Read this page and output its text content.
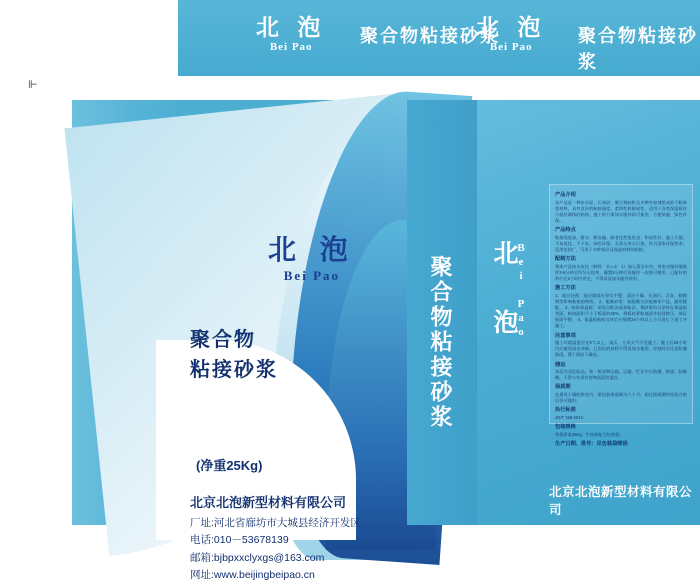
北 泡
Bei Pao
聚合物粘接砂浆
北 泡
Bei Pao
聚合物粘接砂浆
⊩
北 泡
Bei Pao
聚合物
粘接砂浆
(净重25Kg)
北京北泡新型材料有限公司
厂址:河北省廊坊市大城县经济开发区
电话:010－53678139
邮箱:bjbpxxclyxgs@163.com
网址:www.beijingbeipao.cn
聚合物粘接砂浆 北 泡
Bei Pao
产品介绍
本产品是一种由水泥、石英砂、聚合物胶粉及多种外加剂组成的干粉砂浆材料，具有良好的粘接强度、柔韧性和耐候性，适用于各类保温板材与基层墙体的粘接。施工时只需加水搅拌即可使用，方便快捷，绿色环保。
产品特点
粘接强度高，耐水、耐冻融、耐老化性能优良；和易性好，施工方便，不易流挂、不下坠；绿色环保，无毒无害无污染，符合国家环保要求；适用范围广，可用于多种基层及保温材料的粘接。
配制方法
将本产品按水灰比（粉料：水＝4：1）加入清洁水中，用电动搅拌器搅拌3-5分钟至均匀无结块，静置5分钟后再搅拌一次即可使用。已配好的料应在2小时内用完，不得再次加水搅拌使用。
施工方法
1、基层处理：基层墙面应坚实平整、清洁干燥，无油污、浮灰、脱模剂等影响粘接的物质。 2、配制砂浆：按配制方法配制本产品，随用随配。 3、粘贴保温板：采用点框法或条粘法，将砂浆均匀涂抹在保温板背面，粘接面积不小于板面的40%，将板材紧贴墙面并轻揉挤压，保证板面平整。 4、保温板粘贴完毕后应静置24小时以上方可进行下道工序施工。
注意事项
施工环境温度应在5℃以上，雨天、大风天气不宜施工。施工后24小时内应避免雨水冲刷。已固化的材料不得再加水使用。存放时应注意防潮防雨，置于阴凉干燥处。
储运
本品为非危险品，按一般货物运输。运输、贮存中应防潮、防雨、防曝晒，不得与有毒有害物质混装混存。
保质期
在通风干燥的库房内，原包装保质期为六个月。超过保质期经检验合格后仍可使用。
执行标准
JG/T 158-2013
包装规格
每袋净重25Kg，牛皮纸复合包装袋。
生产日期、批号：见包装袋喷码
北京北泡新型材料有限公司
